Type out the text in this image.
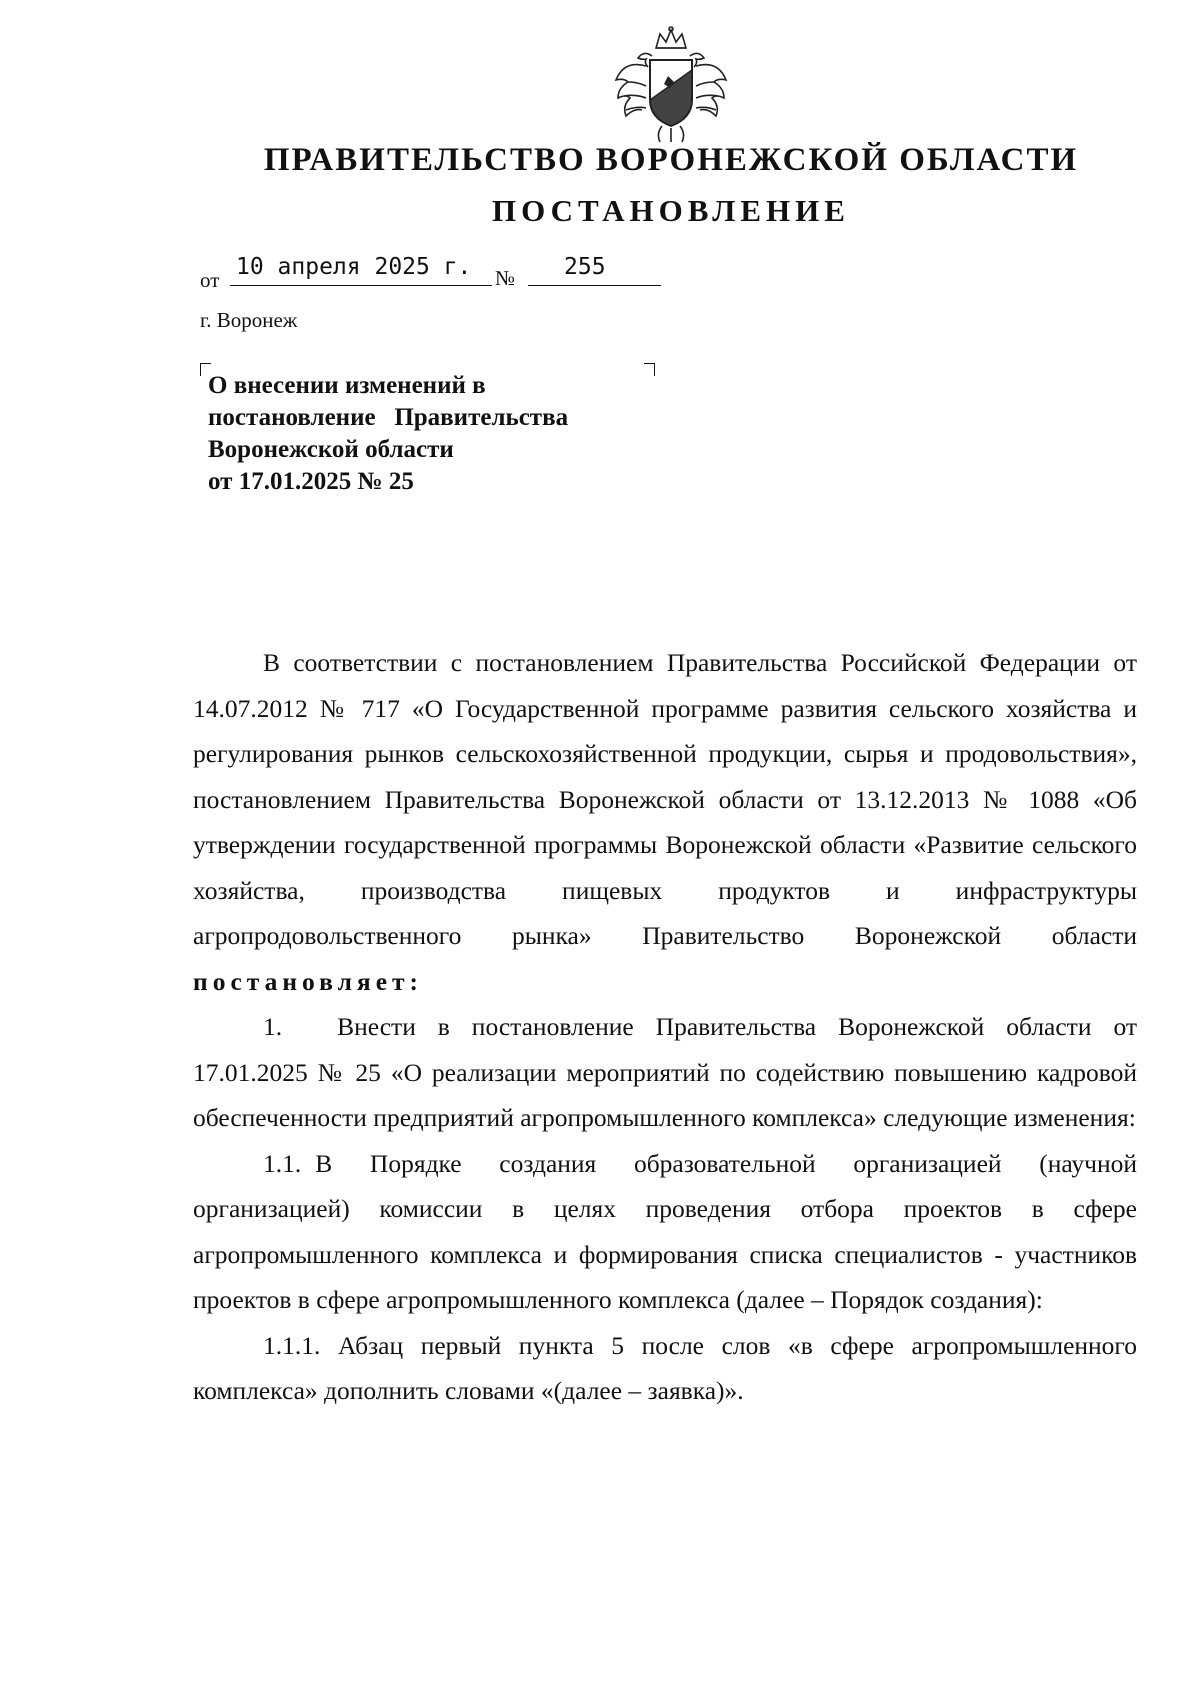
ПРАВИТЕЛЬСТВО ВОРОНЕЖСКОЙ ОБЛАСТИ
ПОСТАНОВЛЕНИЕ
от 10 апреля 2025 г.	№	255
г. Воронеж
О внесении изменений в
постановление   Правительства
Воронежской области
от 17.01.2025 № 25

В соответствии с постановлением Правительства Российской Федерации от 14.07.2012 № 717 «О Государственной программе развития сельского хозяйства и регулирования рынков сельскохозяйственной продукции, сырья и продовольствия», постановлением Правительства Воронежской области от 13.12.2013 № 1088 «Об утверждении государственной программы Воронежской области «Развитие сельского хозяйства, производства пищевых продуктов и инфраструктуры агропродовольственного рынка» Правительство Воронежской области постановляет:

1. Внести в постановление Правительства Воронежской области от 17.01.2025 № 25 «О реализации мероприятий по содействию повышению кадровой обеспеченности предприятий агропромышленного комплекса» следующие изменения:

1.1. В Порядке создания образовательной организацией (научной организацией) комиссии в целях проведения отбора проектов в сфере агропромышленного комплекса и формирования списка специалистов - участников проектов в сфере агропромышленного комплекса (далее – Порядок создания):

1.1.1. Абзац первый пункта 5 после слов «в сфере агропромышленного комплекса» дополнить словами «(далее – заявка)».
